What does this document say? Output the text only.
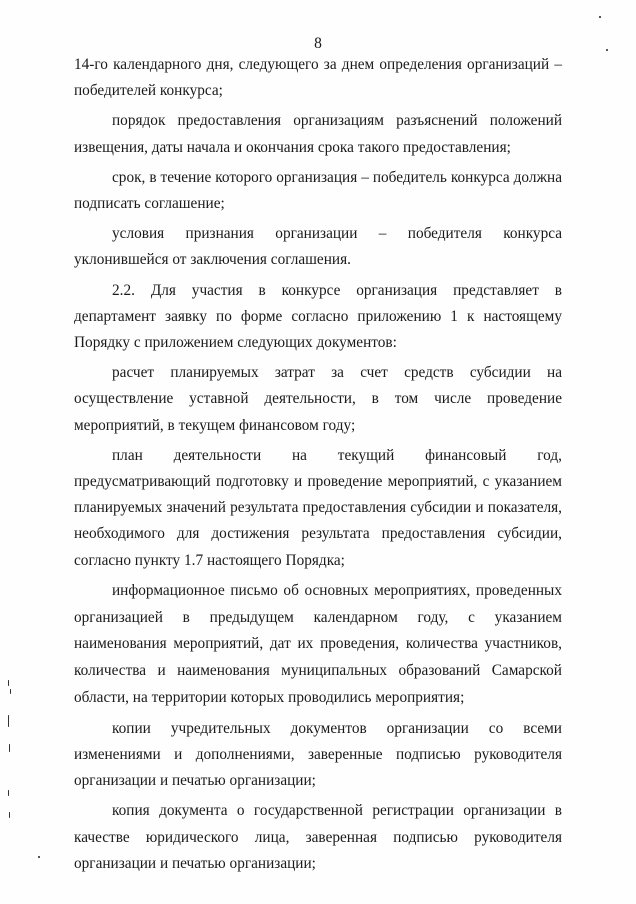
8

14-го календарного дня, следующего за днем определения организаций – победителей конкурса;

порядок предоставления организациям разъяснений положений извещения, даты начала и окончания срока такого предоставления;

срок, в течение которого организация – победитель конкурса должна подписать соглашение;

условия признания организации – победителя конкурса уклонившейся от заключения соглашения.

2.2. Для участия в конкурсе организация представляет в департамент заявку по форме согласно приложению 1 к настоящему Порядку с приложением следующих документов:

расчет планируемых затрат за счет средств субсидии на осуществление уставной деятельности, в том числе проведение мероприятий, в текущем финансовом году;

план деятельности на текущий финансовый год, предусматривающий подготовку и проведение мероприятий, с указанием планируемых значений результата предоставления субсидии и показателя, необходимого для достижения результата предоставления субсидии, согласно пункту 1.7 настоящего Порядка;

информационное письмо об основных мероприятиях, проведенных организацией в предыдущем календарном году, с указанием наименования мероприятий, дат их проведения, количества участников, количества и наименования муниципальных образований Самарской области, на территории которых проводились мероприятия;

копии учредительных документов организации со всеми изменениями и дополнениями, заверенные подписью руководителя организации и печатью организации;

копия документа о государственной регистрации организации в качестве юридического лица, заверенная подписью руководителя организации и печатью организации;
